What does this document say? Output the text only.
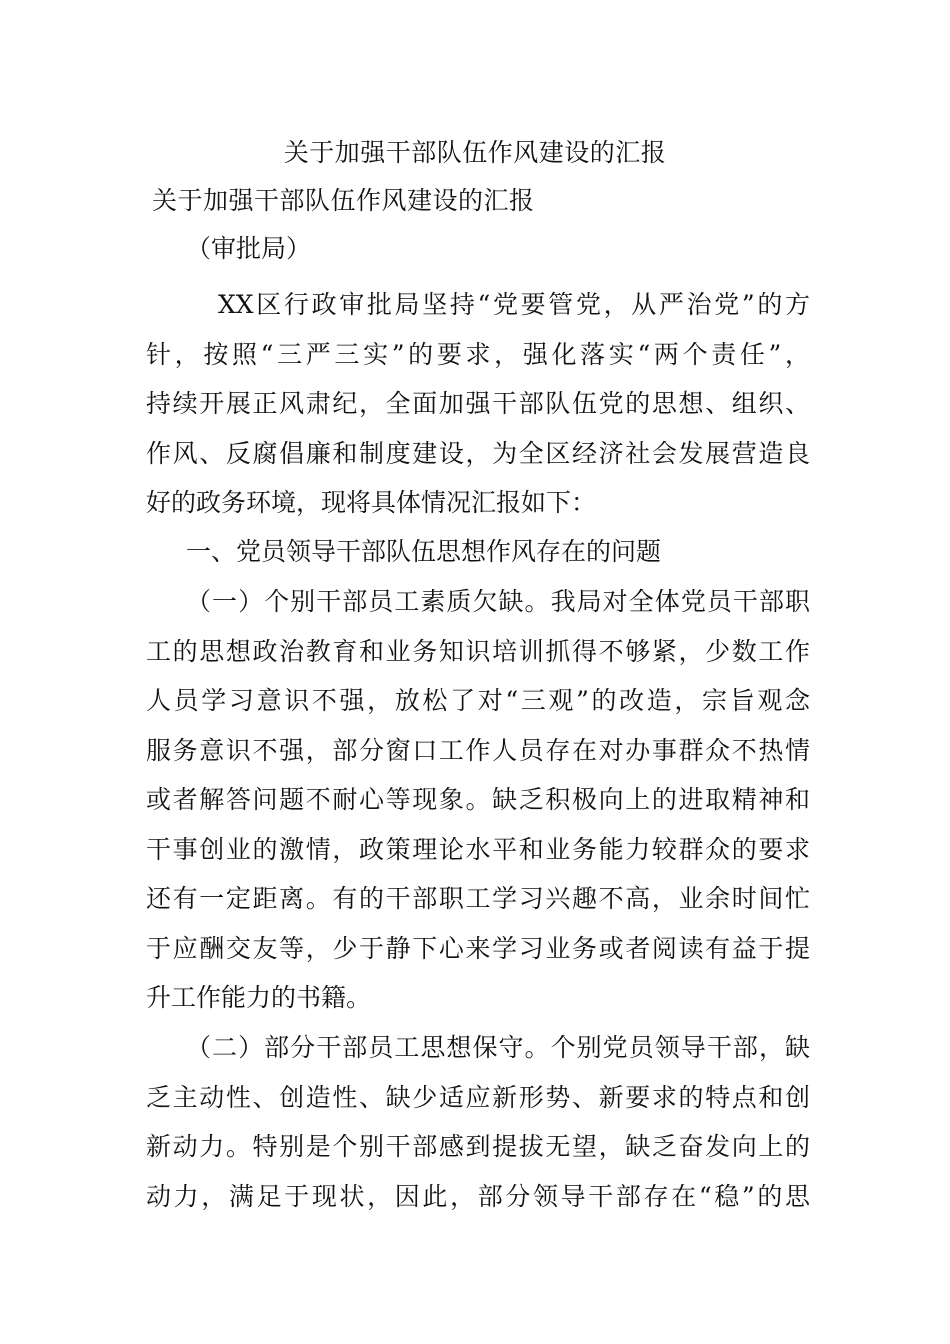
关于加强干部队伍作风建设的汇报
关于加强干部队伍作风建设的汇报

（审批局）

XX区行政审批局坚持“党要管党，从严治党”的方
针，按照“三严三实”的要求，强化落实“两个责任”，
持续开展正风肃纪，全面加强干部队伍党的思想、组织、
作风、反腐倡廉和制度建设，为全区经济社会发展营造良
好的政务环境，现将具体情况汇报如下：

一、党员领导干部队伍思想作风存在的问题

（一）个别干部员工素质欠缺。我局对全体党员干部职
工的思想政治教育和业务知识培训抓得不够紧，少数工作
人员学习意识不强，放松了对“三观”的改造，宗旨观念
服务意识不强，部分窗口工作人员存在对办事群众不热情
或者解答问题不耐心等现象。缺乏积极向上的进取精神和
干事创业的激情，政策理论水平和业务能力较群众的要求
还有一定距离。有的干部职工学习兴趣不高，业余时间忙
于应酬交友等，少于静下心来学习业务或者阅读有益于提
升工作能力的书籍。
（二）部分干部员工思想保守。个别党员领导干部，缺
乏主动性、创造性、缺少适应新形势、新要求的特点和创
新动力。特别是个别干部感到提拔无望，缺乏奋发向上的
动力，满足于现状，因此，部分领导干部存在“稳”的思
